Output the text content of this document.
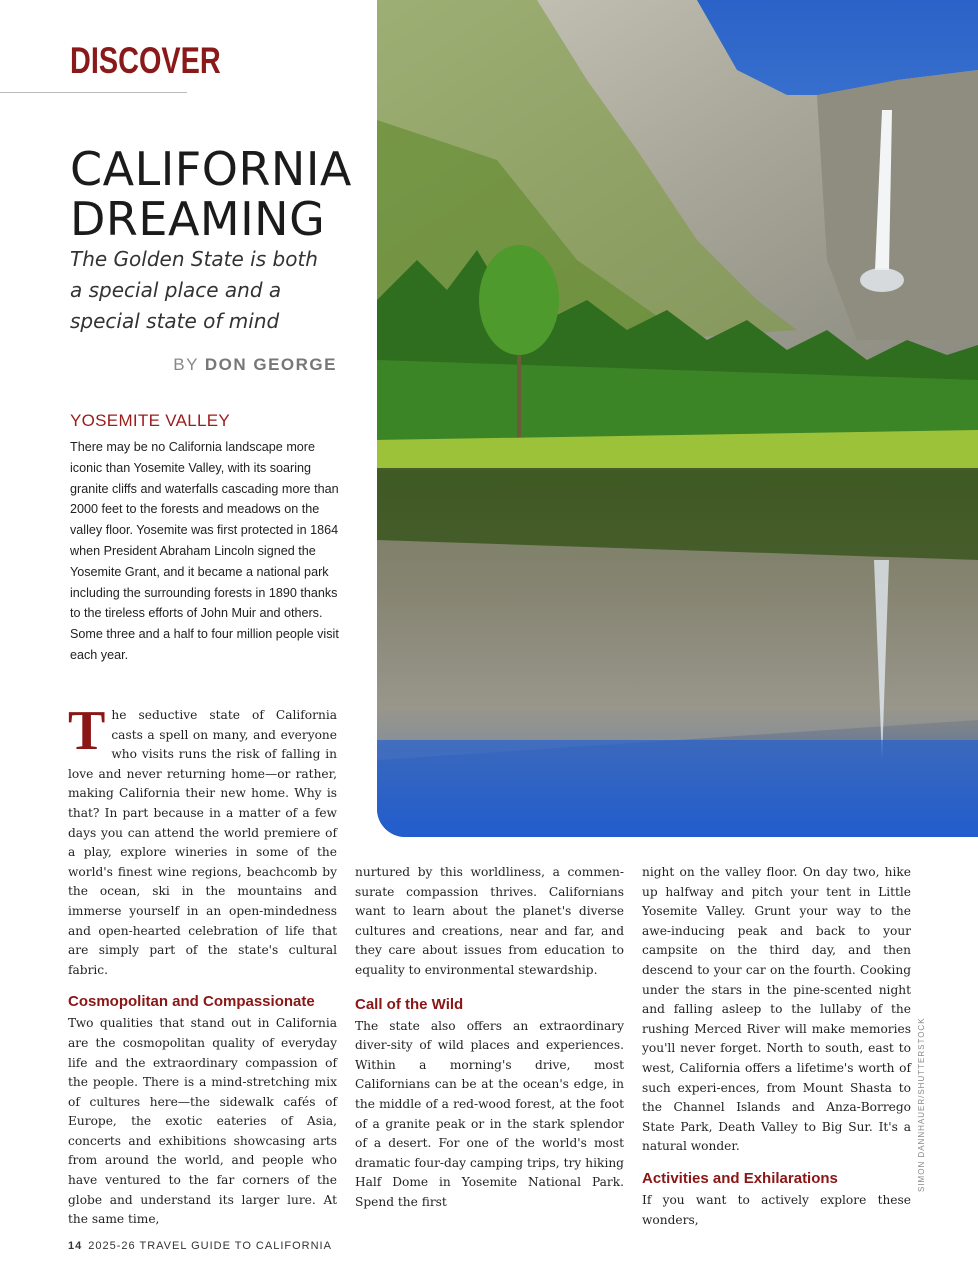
DISCOVER
CALIFORNIA
DREAMING
The Golden State is both a special place and a special state of mind
BY DON GEORGE
YOSEMITE VALLEY
There may be no California landscape more iconic than Yosemite Valley, with its soaring granite cliffs and waterfalls cascading more than 2000 feet to the forests and meadows on the valley floor. Yosemite was first protected in 1864 when President Abraham Lincoln signed the Yosemite Grant, and it became a national park including the surrounding forests in 1890 thanks to the tireless efforts of John Muir and others. Some three and a half to four million people visit each year.

The seductive state of California casts a spell on many, and everyone who visits runs the risk of falling in love and never returning home—or rather, making California their new home. Why is that? In part because in a matter of a few days you can attend the world premiere of a play, explore wineries in some of the world's finest wine regions, beachcomb by the ocean, ski in the mountains and immerse yourself in an open-mindedness and open-hearted celebration of life that are simply part of the state's cultural fabric.

Cosmopolitan and Compassionate

Two qualities that stand out in California are the cosmopolitan quality of everyday life and the extraordinary compassion of the people. There is a mind-stretching mix of cultures here—the sidewalk cafés of Europe, the exotic eateries of Asia, concerts and exhibitions showcasing arts from around the world, and people who have ventured to the far corners of the globe and understand its larger lure. At the same time,

nurtured by this worldliness, a commen-surate compassion thrives. Californians want to learn about the planet's diverse cultures and creations, near and far, and they care about issues from education to equality to environmental stewardship.

Call of the Wild

The state also offers an extraordinary diver-sity of wild places and experiences. Within a morning's drive, most Californians can be at the ocean's edge, in the middle of a red-wood forest, at the foot of a granite peak or in the stark splendor of a desert. For one of the world's most dramatic four-day camping trips, try hiking Half Dome in Yosemite National Park. Spend the first

night on the valley floor. On day two, hike up halfway and pitch your tent in Little Yosemite Valley. Grunt your way to the awe-inducing peak and back to your campsite on the third day, and then descend to your car on the fourth. Cooking under the stars in the pine-scented night and falling asleep to the lullaby of the rushing Merced River will make memories you'll never forget. North to south, east to west, California offers a lifetime's worth of such experi-ences, from Mount Shasta to the Channel Islands and Anza-Borrego State Park, Death Valley to Big Sur. It's a natural wonder.

Activities and Exhilarations

If you want to actively explore these wonders,

SIMON DANNHAUER/SHUTTERSTOCK
14 2025-26 TRAVEL GUIDE TO CALIFORNIA
